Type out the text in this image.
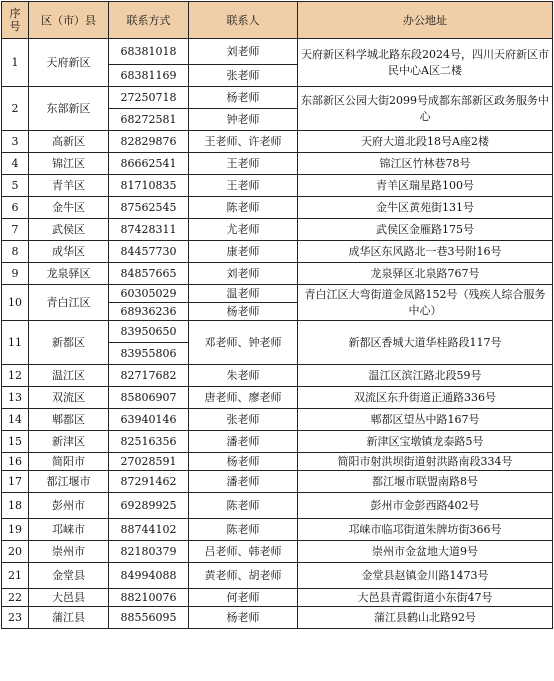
序号	区（市）县	联系方式	联系人	办公地址
1	天府新区	68381018	刘老师	天府新区科学城北路东段2024号，四川天府新区市民中心A区二楼
		68381169	张老师	
2	东部新区	27250718	杨老师	东部新区公园大街2099号成都东部新区政务服务中心
		68272581	钟老师	
3	高新区	82829876	王老师、许老师	天府大道北段18号A座2楼
4	锦江区	86662541	王老师	锦江区竹林巷78号
5	青羊区	81710835	王老师	青羊区瑞星路100号
6	金牛区	87562545	陈老师	金牛区黄苑街131号
7	武侯区	87428311	尤老师	武侯区金雁路175号
8	成华区	84457730	康老师	成华区东风路北一巷3号附16号
9	龙泉驿区	84857665	刘老师	龙泉驿区北泉路767号
10	青白江区	60305029	温老师	青白江区大弯街道金凤路152号（残疾人综合服务中心）
		68936236	杨老师	
11	新都区	83950650	邓老师、钟老师	新都区香城大道华桂路段117号
		83955806		
12	温江区	82717682	朱老师	温江区滨江路北段59号
13	双流区	85806907	唐老师、廖老师	双流区东升街道正通路336号
14	郫都区	63940146	张老师	郫都区望丛中路167号
15	新津区	82516356	潘老师	新津区宝墩镇龙泰路5号
16	简阳市	27028591	杨老师	简阳市射洪坝街道射洪路南段334号
17	都江堰市	87291462	潘老师	都江堰市联盟南路8号
18	彭州市	69289925	陈老师	彭州市金彭西路402号
19	邛崃市	88744102	陈老师	邛崃市临邛街道朱牌坊街366号
20	崇州市	82180379	吕老师、韩老师	崇州市金盆地大道9号
21	金堂县	84994088	黄老师、胡老师	金堂县赵镇金川路1473号
22	大邑县	88210076	何老师	大邑县青霞街道小东街47号
23	蒲江县	88556095	杨老师	蒲江县鹤山北路92号
